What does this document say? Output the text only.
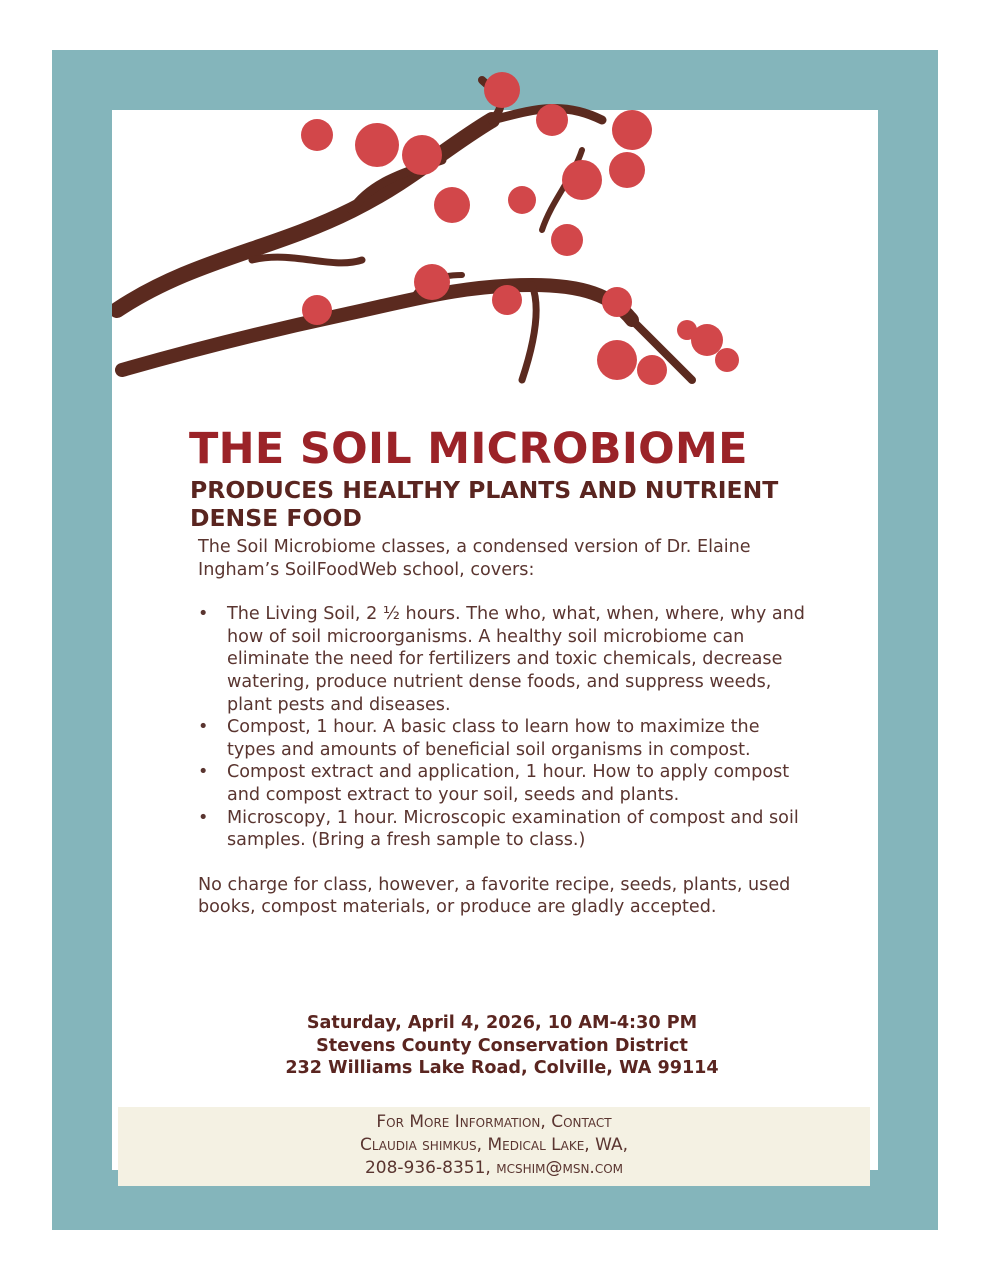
THE SOIL MICROBIOME
PRODUCES HEALTHY PLANTS AND NUTRIENT DENSE FOOD

The Soil Microbiome classes, a condensed version of Dr. Elaine Ingham’s SoilFoodWeb school, covers:

• The Living Soil, 2 ½ hours. The who, what, when, where, why and how of soil microorganisms. A healthy soil microbiome can eliminate the need for fertilizers and toxic chemicals, decrease watering, produce nutrient dense foods, and suppress weeds, plant pests and diseases.
• Compost, 1 hour. A basic class to learn how to maximize the types and amounts of beneficial soil organisms in compost.
• Compost extract and application, 1 hour. How to apply compost and compost extract to your soil, seeds and plants.
• Microscopy, 1 hour. Microscopic examination of compost and soil samples. (Bring a fresh sample to class.)

No charge for class, however, a favorite recipe, seeds, plants, used books, compost materials, or produce are gladly accepted.

Saturday, April 4, 2026, 10 AM-4:30 PM
Stevens County Conservation District
232 Williams Lake Road, Colville, WA 99114
For More Information, Contact
Claudia shimkus, Medical Lake, WA,
208-936-8351, mcshim@msn.com
